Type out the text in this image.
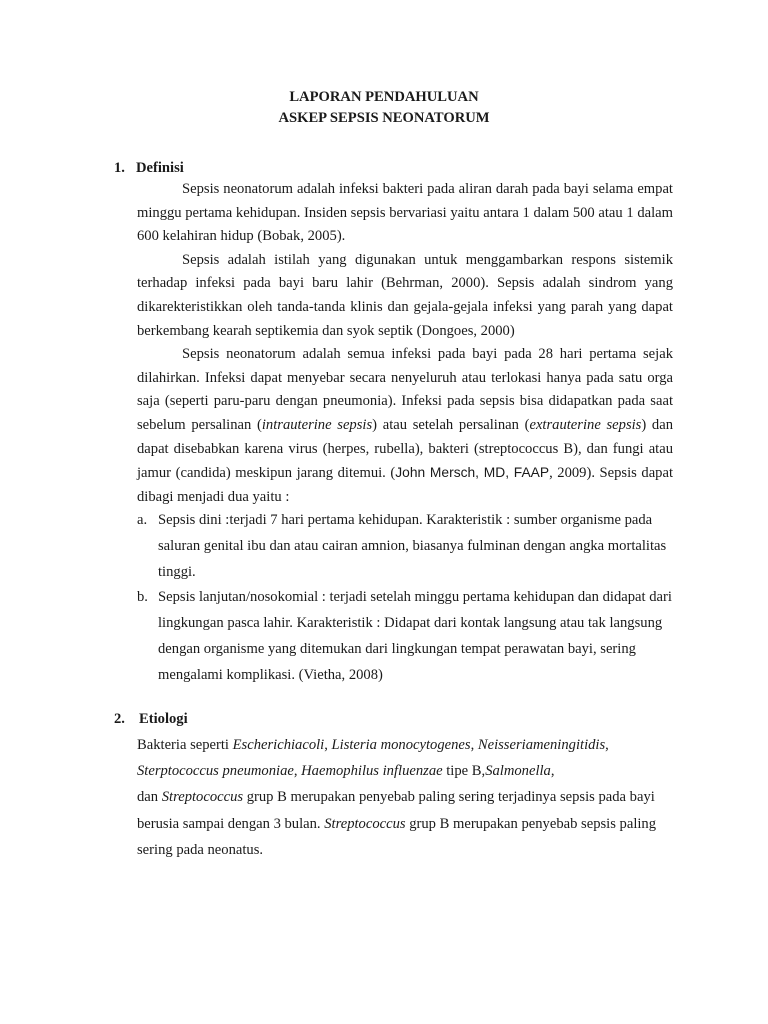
LAPORAN PENDAHULUAN
ASKEP SEPSIS NEONATORUM
1. Definisi

Sepsis neonatorum adalah infeksi bakteri pada aliran darah pada bayi selama empat minggu pertama kehidupan. Insiden sepsis bervariasi yaitu antara 1 dalam 500 atau 1 dalam 600 kelahiran hidup (Bobak, 2005).

Sepsis adalah istilah yang digunakan untuk menggambarkan respons sistemik terhadap infeksi pada bayi baru lahir (Behrman, 2000). Sepsis adalah sindrom yang dikarekteristikkan oleh tanda-tanda klinis dan gejala-gejala infeksi yang parah yang dapat berkembang kearah septikemia dan syok septik (Dongoes, 2000)

Sepsis neonatorum adalah semua infeksi pada bayi pada 28 hari pertama sejak dilahirkan. Infeksi dapat menyebar secara nenyeluruh atau terlokasi hanya pada satu orga saja (seperti paru-paru dengan pneumonia). Infeksi pada sepsis bisa didapatkan pada saat sebelum persalinan (intrauterine sepsis) atau setelah persalinan (extrauterine sepsis) dan dapat disebabkan karena virus (herpes, rubella), bakteri (streptococcus B), dan fungi atau jamur (candida) meskipun jarang ditemui. (John Mersch, MD, FAAP, 2009). Sepsis dapat dibagi menjadi dua yaitu :

a. Sepsis dini :terjadi 7 hari pertama kehidupan. Karakteristik : sumber organisme pada saluran genital ibu dan atau cairan amnion, biasanya fulminan dengan angka mortalitas tinggi.
b. Sepsis lanjutan/nosokomial : terjadi setelah minggu pertama kehidupan dan didapat dari lingkungan pasca lahir. Karakteristik : Didapat dari kontak langsung atau tak langsung dengan organisme yang ditemukan dari lingkungan tempat perawatan bayi, sering mengalami komplikasi. (Vietha, 2008)
2. Etiologi

Bakteria seperti Escherichiacoli, Listeria monocytogenes, Neisseriameningitidis,

Sterptococcus pneumoniae, Haemophilus influenzae tipe B,Salmonella,

dan Streptococcus grup B merupakan penyebab paling sering terjadinya sepsis pada bayi berusia sampai dengan 3 bulan. Streptococcus grup B merupakan penyebab sepsis paling sering pada neonatus.
